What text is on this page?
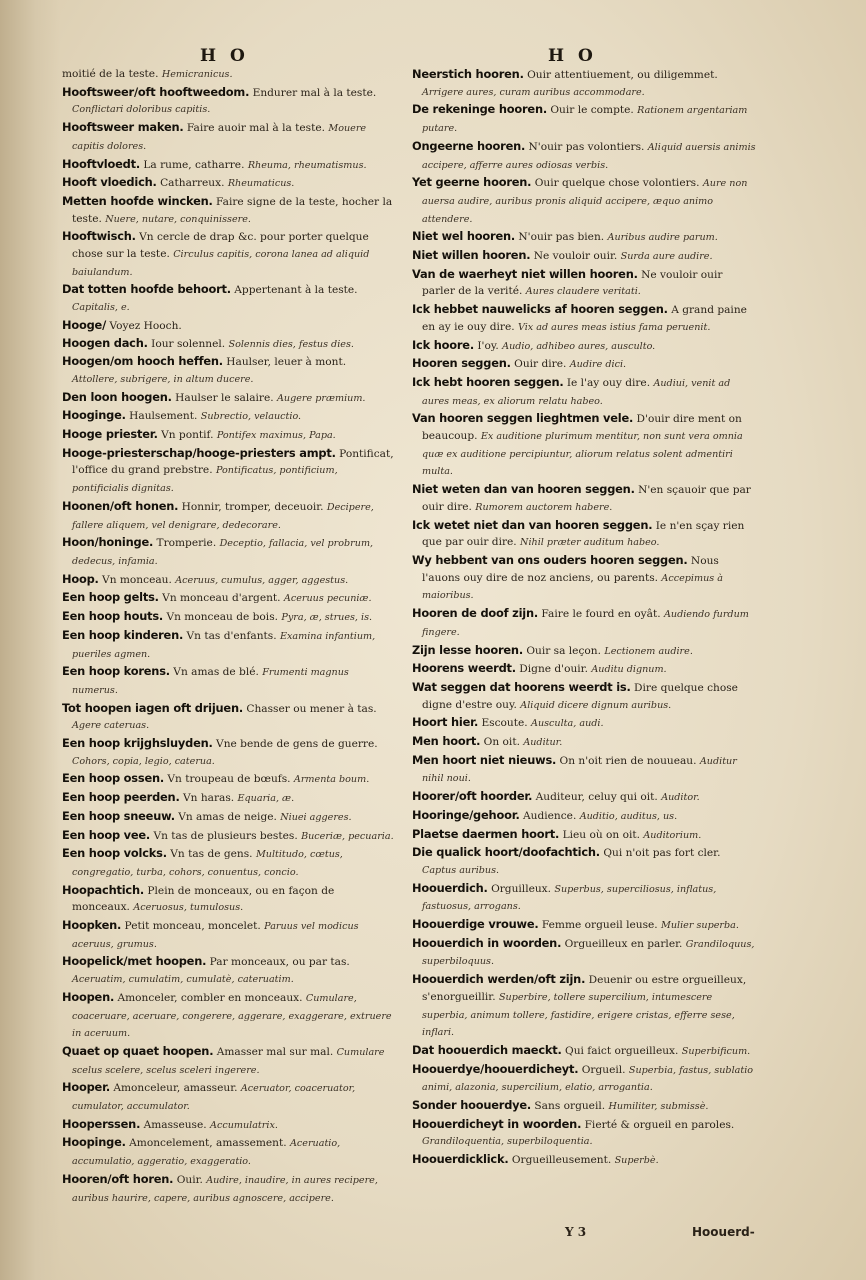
H O	H O

moitié de la teste. Hemicranicus.

Hooftsweer/oft hooftweedom. Endurer mal à la teste. Conflictari doloribus capitis.

Hooftsweer maken. Faire auoir mal à la teste. Mouere capitis dolores.

Hooftvloedt. La rume, catharre. Rheuma, rheumatismus.

Hooft vloedich. Catharreux. Rheumaticus.

Metten hoofde wincken. Faire signe de la teste, hocher la teste. Nuere, nutare, conquinissere.

Hooftwisch. Vn cercle de drap &c. pour porter quelque chose sur la teste. Circulus capitis, corona lanea ad aliquid baiulandum.

Dat totten hoofde behoort. Appertenant à la teste. Capitalis, e.

Hooge/ Voyez Hooch.

Hoogen dach. Iour solennel. Solennis dies, festus dies.

Hoogen/om hooch heffen. Haulser, leuer à mont. Attollere, subrigere, in altum ducere.

Den loon hoogen. Haulser le salaire. Augere præmium.

Hooginge. Haulsement. Subrectio, velauctio.

Hooge priester. Vn pontif. Pontifex maximus, Papa.

Hooge-priesterschap/hooge-priesters ampt. Pontificat, l'office du grand prebstre. Pontificatus, pontificium, pontificialis dignitas.

Hoonen/oft honen. Honnir, tromper, deceuoir. Decipere, fallere aliquem, vel denigrare, dedecorare.

Hoon/honinge. Tromperie. Deceptio, fallacia, vel probrum, dedecus, infamia.

Hoop. Vn monceau. Aceruus, cumulus, agger, aggestus.

Een hoop gelts. Vn monceau d'argent. Aceruus pecuniæ.

Een hoop houts. Vn monceau de bois. Pyra, æ, strues, is.

Een hoop kinderen. Vn tas d'enfants. Examina infantium, pueriles agmen.

Een hoop korens. Vn amas de blé. Frumenti magnus numerus.

Tot hoopen iagen oft drijuen. Chasser ou mener à tas. Agere cateruas.

Een hoop krijghsluyden. Vne bende de gens de guerre. Cohors, copia, legio, caterua.

Een hoop ossen. Vn troupeau de bœufs. Armenta boum.

Een hoop peerden. Vn haras. Equaria, æ.

Een hoop sneeuw. Vn amas de neige. Niuei aggeres.

Een hoop vee. Vn tas de plusieurs bestes. Buceriæ, pecuaria.

Een hoop volcks. Vn tas de gens. Multitudo, cœtus, congregatio, turba, cohors, conuentus, concio.

Hoopachtich. Plein de monceaux, ou en façon de monceaux. Aceruosus, tumulosus.

Hoopken. Petit monceau, moncelet. Paruus vel modicus aceruus, grumus.

Hoopelick/met hoopen. Par monceaux, ou par tas. Aceruatim, cumulatim, cumulatè, cateruatim.

Hoopen. Amonceler, combler en monceaux. Cumulare, coaceruare, aceruare, congerere, aggerare, exaggerare, extruere in aceruum.

Quaet op quaet hoopen. Amasser mal sur mal. Cumulare scelus scelere, scelus sceleri ingerere.

Hooper. Amonceleur, amasseur. Aceruator, coaceruator, cumulator, accumulator.

Hooperssen. Amasseuse. Accumulatrix.

Hoopinge. Amoncelement, amassement. Aceruatio, accumulatio, aggeratio, exaggeratio.

Hooren/oft horen. Ouir. Audire, inaudire, in aures recipere, auribus haurire, capere, auribus agnoscere, accipere.

Neerstich hooren. Ouir attentiuement, ou diligemmet. Arrigere aures, curam auribus accommodare.

De rekeninge hooren. Ouir le compte. Rationem argentariam putare.

Ongeerne hooren. N'ouir pas volontiers. Aliquid auersis animis accipere, afferre aures odiosas verbis.

Yet geerne hooren. Ouir quelque chose volontiers. Aure non auersa audire, auribus pronis aliquid accipere, æquo animo attendere.

Niet wel hooren. N'ouir pas bien. Auribus audire parum.

Niet willen hooren. Ne vouloir ouir. Surda aure audire.

Van de waerheyt niet willen hooren. Ne vouloir ouir parler de la verité. Aures claudere veritati.

Ick hebbet nauwelicks af hooren seggen. A grand paine en ay ie ouy dire. Vix ad aures meas istius fama peruenit.

Ick hoore. I'oy. Audio, adhibeo aures, ausculto.

Hooren seggen. Ouir dire. Audire dici.

Ick hebt hooren seggen. Ie l'ay ouy dire. Audiui, venit ad aures meas, ex aliorum relatu habeo.

Van hooren seggen lieghtmen vele. D'ouir dire ment on beaucoup. Ex auditione plurimum mentitur, non sunt vera omnia quæ ex auditione percipiuntur, aliorum relatus solent admentiri multa.

Niet weten dan van hooren seggen. N'en sçauoir que par ouir dire. Rumorem auctorem habere.

Ick wetet niet dan van hooren seggen. Ie n'en sçay rien que par ouir dire. Nihil præter auditum habeo.

Wy hebbent van ons ouders hooren seggen. Nous l'auons ouy dire de noz anciens, ou parents. Accepimus à maioribus.

Hooren de doof zijn. Faire le fourd en oyât. Audiendo furdum fingere.

Zijn lesse hooren. Ouir sa leçon. Lectionem audire.

Hoorens weerdt. Digne d'ouir. Auditu dignum.

Wat seggen dat hoorens weerdt is. Dire quelque chose digne d'estre ouy. Aliquid dicere dignum auribus.

Hoort hier. Escoute. Ausculta, audi.

Men hoort. On oit. Auditur.

Men hoort niet nieuws. On n'oit rien de nouueau. Auditur nihil noui.

Hoorer/oft hoorder. Auditeur, celuy qui oit. Auditor.

Hooringe/gehoor. Audience. Auditio, auditus, us.

Plaetse daermen hoort. Lieu où on oit. Auditorium.

Die qualick hoort/doofachtich. Qui n'oit pas fort cler. Captus auribus.

Hoouerdich. Orguilleux. Superbus, superciliosus, inflatus, fastuosus, arrogans.

Hoouerdige vrouwe. Femme orgueil leuse. Mulier superba.

Hoouerdich in woorden. Orgueilleux en parler. Grandiloquus, superbiloquus.

Hoouerdich werden/oft zijn. Deuenir ou estre orgueilleux, s'enorgueillir. Superbire, tollere supercilium, intumescere superbia, animum tollere, fastidire, erigere cristas, efferre sese, inflari.

Dat hoouerdich maeckt. Qui faict orgueilleux. Superbificum.

Hoouerdye/hoouerdicheyt. Orgueil. Superbia, fastus, sublatio animi, alazonia, supercilium, elatio, arrogantia.

Sonder hoouerdye. Sans orgueil. Humiliter, submissè.

Hoouerdicheyt in woorden. Fierté & orgueil en paroles. Grandiloquentia, superbiloquentia.

Hoouerdicklick. Orgueilleusement. Superbè.

Y 3	Hoouerd-
